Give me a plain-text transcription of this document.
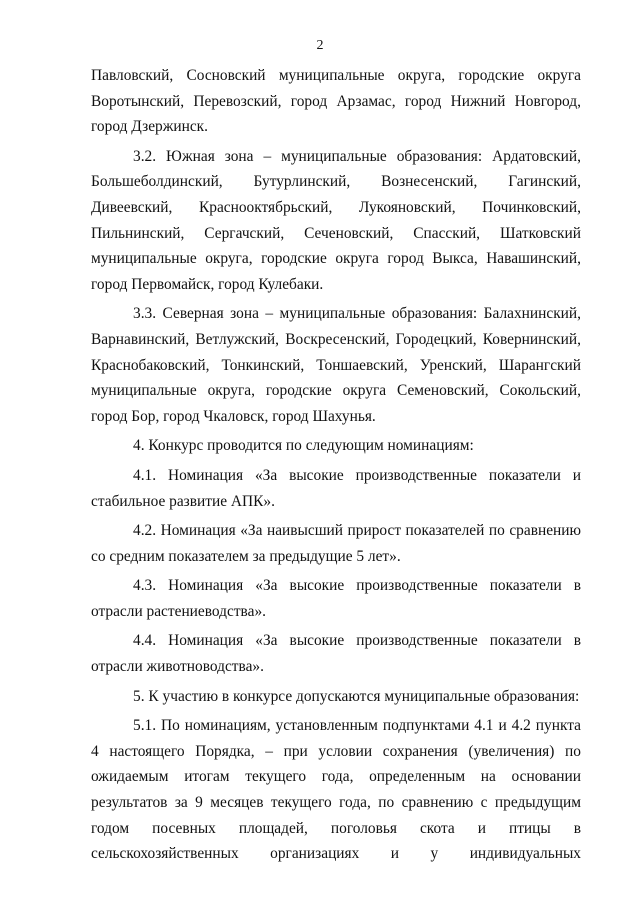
2

Павловский, Сосновский муниципальные округа, городские округа Воротынский, Перевозский, город Арзамас, город Нижний Новгород, город Дзержинск.

3.2. Южная зона – муниципальные образования: Ардатовский, Большеболдинский, Бутурлинский, Вознесенский, Гагинский, Дивеевский, Краснооктябрьский, Лукояновский, Починковский, Пильнинский, Сергачский, Сеченовский, Спасский, Шатковский муниципальные округа, городские округа город Выкса, Навашинский, город Первомайск, город Кулебаки.

3.3. Северная зона – муниципальные образования: Балахнинский, Варнавинский, Ветлужский, Воскресенский, Городецкий, Ковернинский, Краснобаковский, Тонкинский, Тоншаевский, Уренский, Шарангский муниципальные округа, городские округа Семеновский, Сокольский, город Бор, город Чкаловск, город Шахунья.

4. Конкурс проводится по следующим номинациям:

4.1. Номинация «За высокие производственные показатели и стабильное развитие АПК».

4.2. Номинация «За наивысший прирост показателей по сравнению со средним показателем за предыдущие 5 лет».

4.3. Номинация «За высокие производственные показатели в отрасли растениеводства».

4.4. Номинация «За высокие производственные показатели в отрасли животноводства».

5. К участию в конкурсе допускаются муниципальные образования:

5.1. По номинациям, установленным подпунктами 4.1 и 4.2 пункта 4 настоящего Порядка, – при условии сохранения (увеличения) по ожидаемым итогам текущего года, определенным на основании результатов за 9 месяцев текущего года, по сравнению с предыдущим годом посевных площадей, поголовья скота и птицы в сельскохозяйственных организациях и у индивидуальных
